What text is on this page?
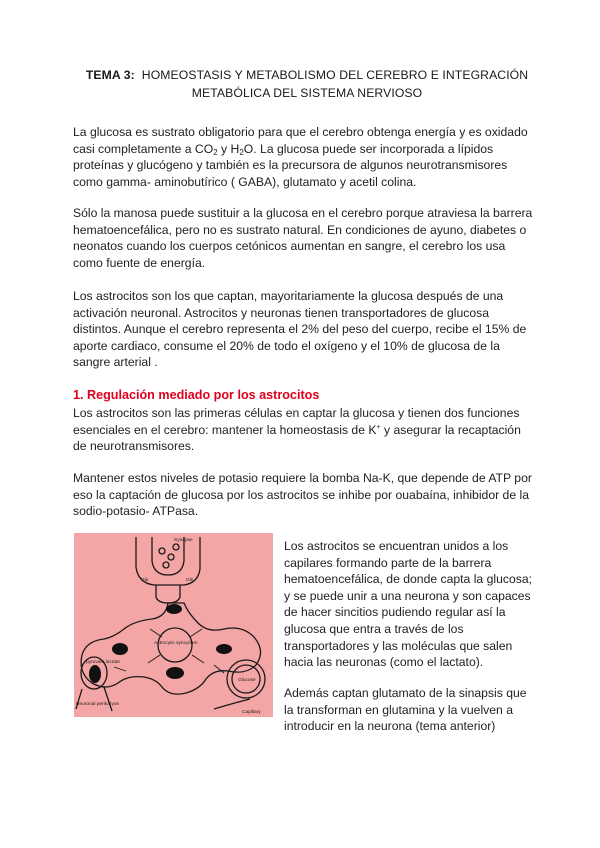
TEMA 3: HOMEOSTASIS Y METABOLISMO DEL CEREBRO E INTEGRACIÓN METABÓLICA DEL SISTEMA NERVIOSO

La glucosa es sustrato obligatorio para que el cerebro obtenga energía y es oxidado casi completamente a $CO_2$ y $H_2O$. La glucosa puede ser incorporada a lípidos proteínas y glucógeno y también es la precursora de algunos neurotransmisores como gamma- aminobutírico ( GABA), glutamato y acetil colina.

Sólo la manosa puede sustituir a la glucosa en el cerebro porque atraviesa la barrera hematoencefálica, pero no es sustrato natural. En condiciones de ayuno, diabetes o neonatos cuando los cuerpos cetónicos aumentan en sangre, el cerebro los usa como fuente de energía.

Los astrocitos son los que captan, mayoritariamente la glucosa después de una activación neuronal. Astrocitos y neuronas tienen transportadores de glucosa distintos. Aunque el cerebro representa el 2% del peso del cuerpo, recibe el 15% de aporte cardiaco, consume el 20% de todo el oxígeno y el 10% de glucosa de la sangre arterial .

1. Regulación mediado por los astrocitos

Los astrocitos son las primeras células en captar la glucosa y tienen dos funciones esenciales en el cerebro: mantener la homeostasis de K+ y asegurar la recaptación de neurotransmisores.

Mantener estos niveles de potasio requiere la bomba Na-K, que depende de ATP por eso la captación de glucosa por los astrocitos se inhibe por ouabaína, inhibidor de la sodio-potasio- ATPasa.

Synapse
Glu	Gln
Astrocytic syncytium
pyruvate lactate
Glucose
Neuronal perikaryon
Capillary

Los astrocitos se encuentran unidos a los capilares formando parte de la barrera hematoencefálica, de donde capta la glucosa; y se puede unir a una neurona y son capaces de hacer sincitios pudiendo regular así la glucosa que entra a través de los transportadores y las moléculas que salen hacia las neuronas (como el lactato).

Además captan glutamato de la sinapsis que la transforman en glutamina y la vuelven a introducir en la neurona (tema anterior)
